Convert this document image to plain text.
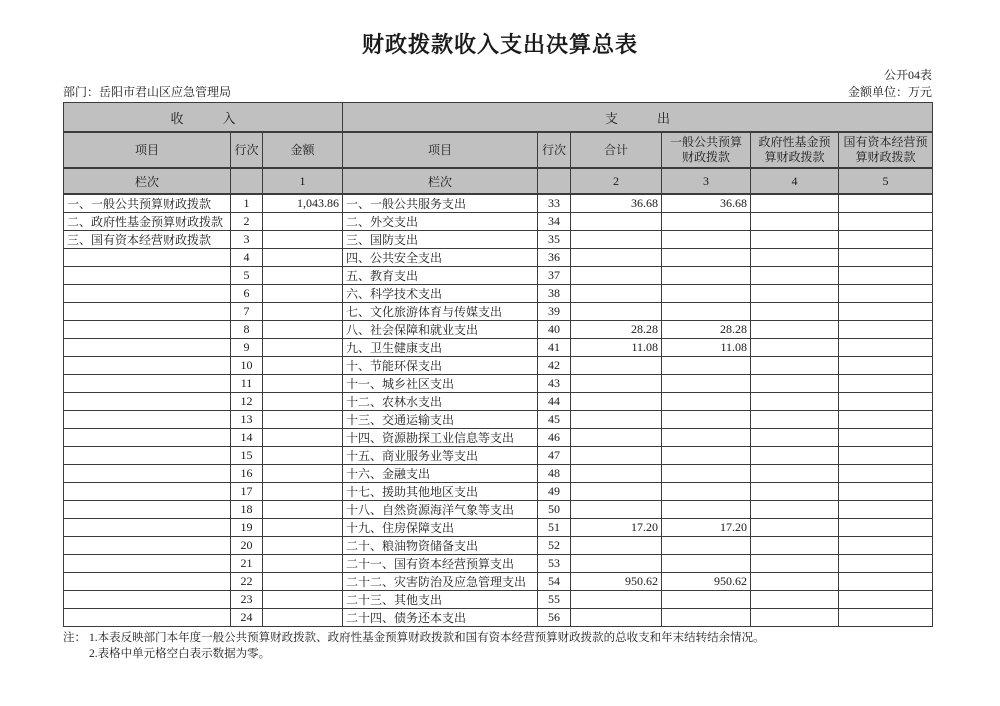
财政拨款收入支出决算总表
公开04表
部门：岳阳市君山区应急管理局	金额单位：万元
收入			支出					
项目	行次	金额	项目	行次	合计	一般公共预算财政拨款	政府性基金预算财政拨款	国有资本经营预算财政拨款
栏次		1	栏次		2	3	4	5
一、一般公共预算财政拨款	1	1,043.86	一、一般公共服务支出	33	36.68	36.68		
二、政府性基金预算财政拨款	2		二、外交支出	34				
三、国有资本经营财政拨款	3		三、国防支出	35				
	4		四、公共安全支出	36				
	5		五、教育支出	37				
	6		六、科学技术支出	38				
	7		七、文化旅游体育与传媒支出	39				
	8		八、社会保障和就业支出	40	28.28	28.28		
	9		九、卫生健康支出	41	11.08	11.08		
	10		十、节能环保支出	42				
	11		十一、城乡社区支出	43				
	12		十二、农林水支出	44				
	13		十三、交通运输支出	45				
	14		十四、资源勘探工业信息等支出	46				
	15		十五、商业服务业等支出	47				
	16		十六、金融支出	48				
	17		十七、援助其他地区支出	49				
	18		十八、自然资源海洋气象等支出	50				
	19		十九、住房保障支出	51	17.20	17.20		
	20		二十、粮油物资储备支出	52				
	21		二十一、国有资本经营预算支出	53				
	22		二十二、灾害防治及应急管理支出	54	950.62	950.62		
	23		二十三、其他支出	55				
	24		二十四、债务还本支出	56				
注： 1.本表反映部门本年度一般公共预算财政拨款、政府性基金预算财政拨款和国有资本经营预算财政拨款的总收支和年末结转结余情况。
2.表格中单元格空白表示数据为零。
